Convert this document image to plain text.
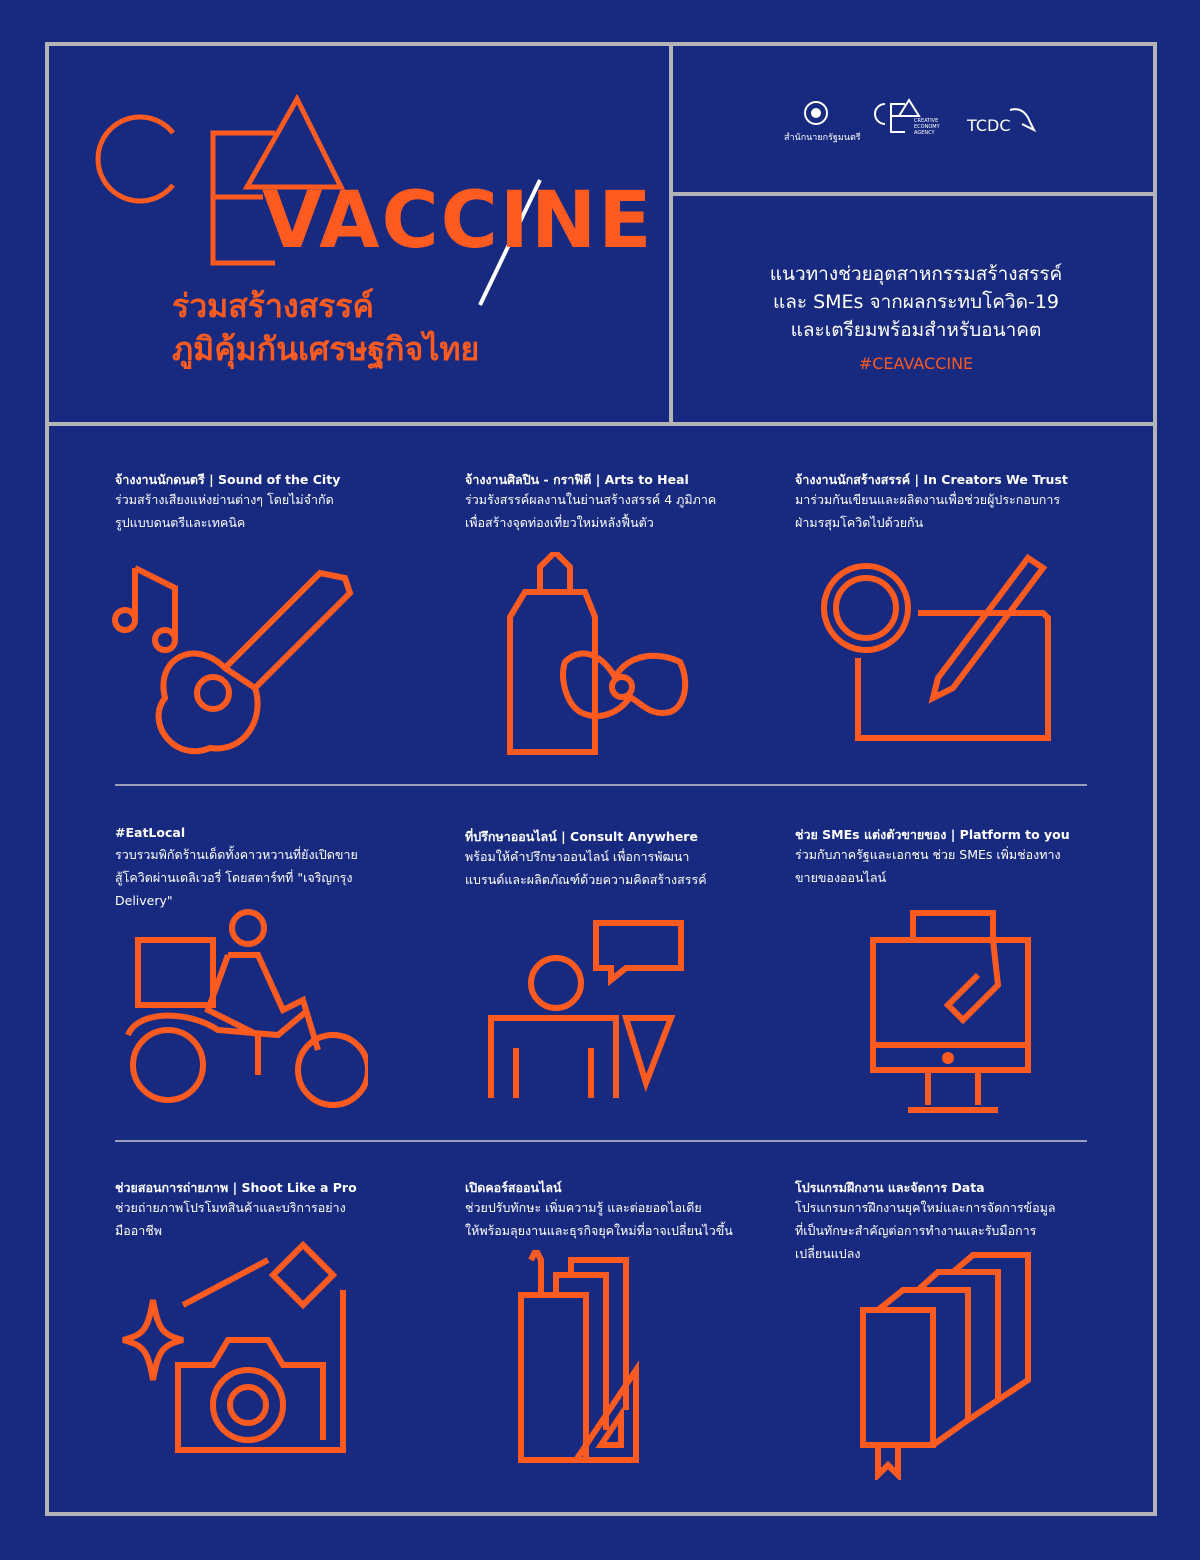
VACCINE
ร่วมสร้างสรรค์
ภูมิคุ้มกันเศรษฐกิจไทย
สำนักนายกรัฐมนตรี
CREATIVE ECONOMY AGENCY	TCDC
แนวทางช่วยอุตสาหกรรมสร้างสรรค์
และ SMEs จากผลกระทบโควิด-19
และเตรียมพร้อมสำหรับอนาคต
#CEAVACCINE
จ้างงานนักดนตรี | Sound of the City
ร่วมสร้างเสียงแห่งย่านต่างๆ โดยไม่จำกัด
รูปแบบดนตรีและเทคนิค
จ้างงานศิลปิน - กราฟิตี | Arts to Heal
ร่วมรังสรรค์ผลงานในย่านสร้างสรรค์ 4 ภูมิภาค
เพื่อสร้างจุดท่องเที่ยวใหม่หลังฟื้นตัว
จ้างงานนักสร้างสรรค์ | In Creators We Trust
มาร่วมกันเขียนและผลิตงานเพื่อช่วยผู้ประกอบการ
ฝ่ามรสุมโควิดไปด้วยกัน
#EatLocal
รวบรวมพิกัดร้านเด็ดทั้งคาวหวานที่ยังเปิดขาย
สู้โควิดผ่านเดลิเวอรี่ โดยสตาร์ทที่ "เจริญกรุง
Delivery"
ที่ปรึกษาออนไลน์ | Consult Anywhere
พร้อมให้คำปรึกษาออนไลน์ เพื่อการพัฒนา
แบรนด์และผลิตภัณฑ์ด้วยความคิดสร้างสรรค์
ช่วย SMEs แต่งตัวขายของ | Platform to you
ร่วมกับภาครัฐและเอกชน ช่วย SMEs เพิ่มช่องทาง
ขายของออนไลน์
ช่วยสอนการถ่ายภาพ | Shoot Like a Pro
ช่วยถ่ายภาพโปรโมทสินค้าและบริการอย่าง
มืออาชีพ
เปิดคอร์สออนไลน์
ช่วยปรับทักษะ เพิ่มความรู้ และต่อยอดไอเดีย
ให้พร้อมลุยงานและธุรกิจยุคใหม่ที่อาจเปลี่ยนไวขึ้น
โปรแกรมฝึกงาน และจัดการ Data
โปรแกรมการฝึกงานยุคใหม่และการจัดการข้อมูล
ที่เป็นทักษะสำคัญต่อการทำงานและรับมือการ
เปลี่ยนแปลง
